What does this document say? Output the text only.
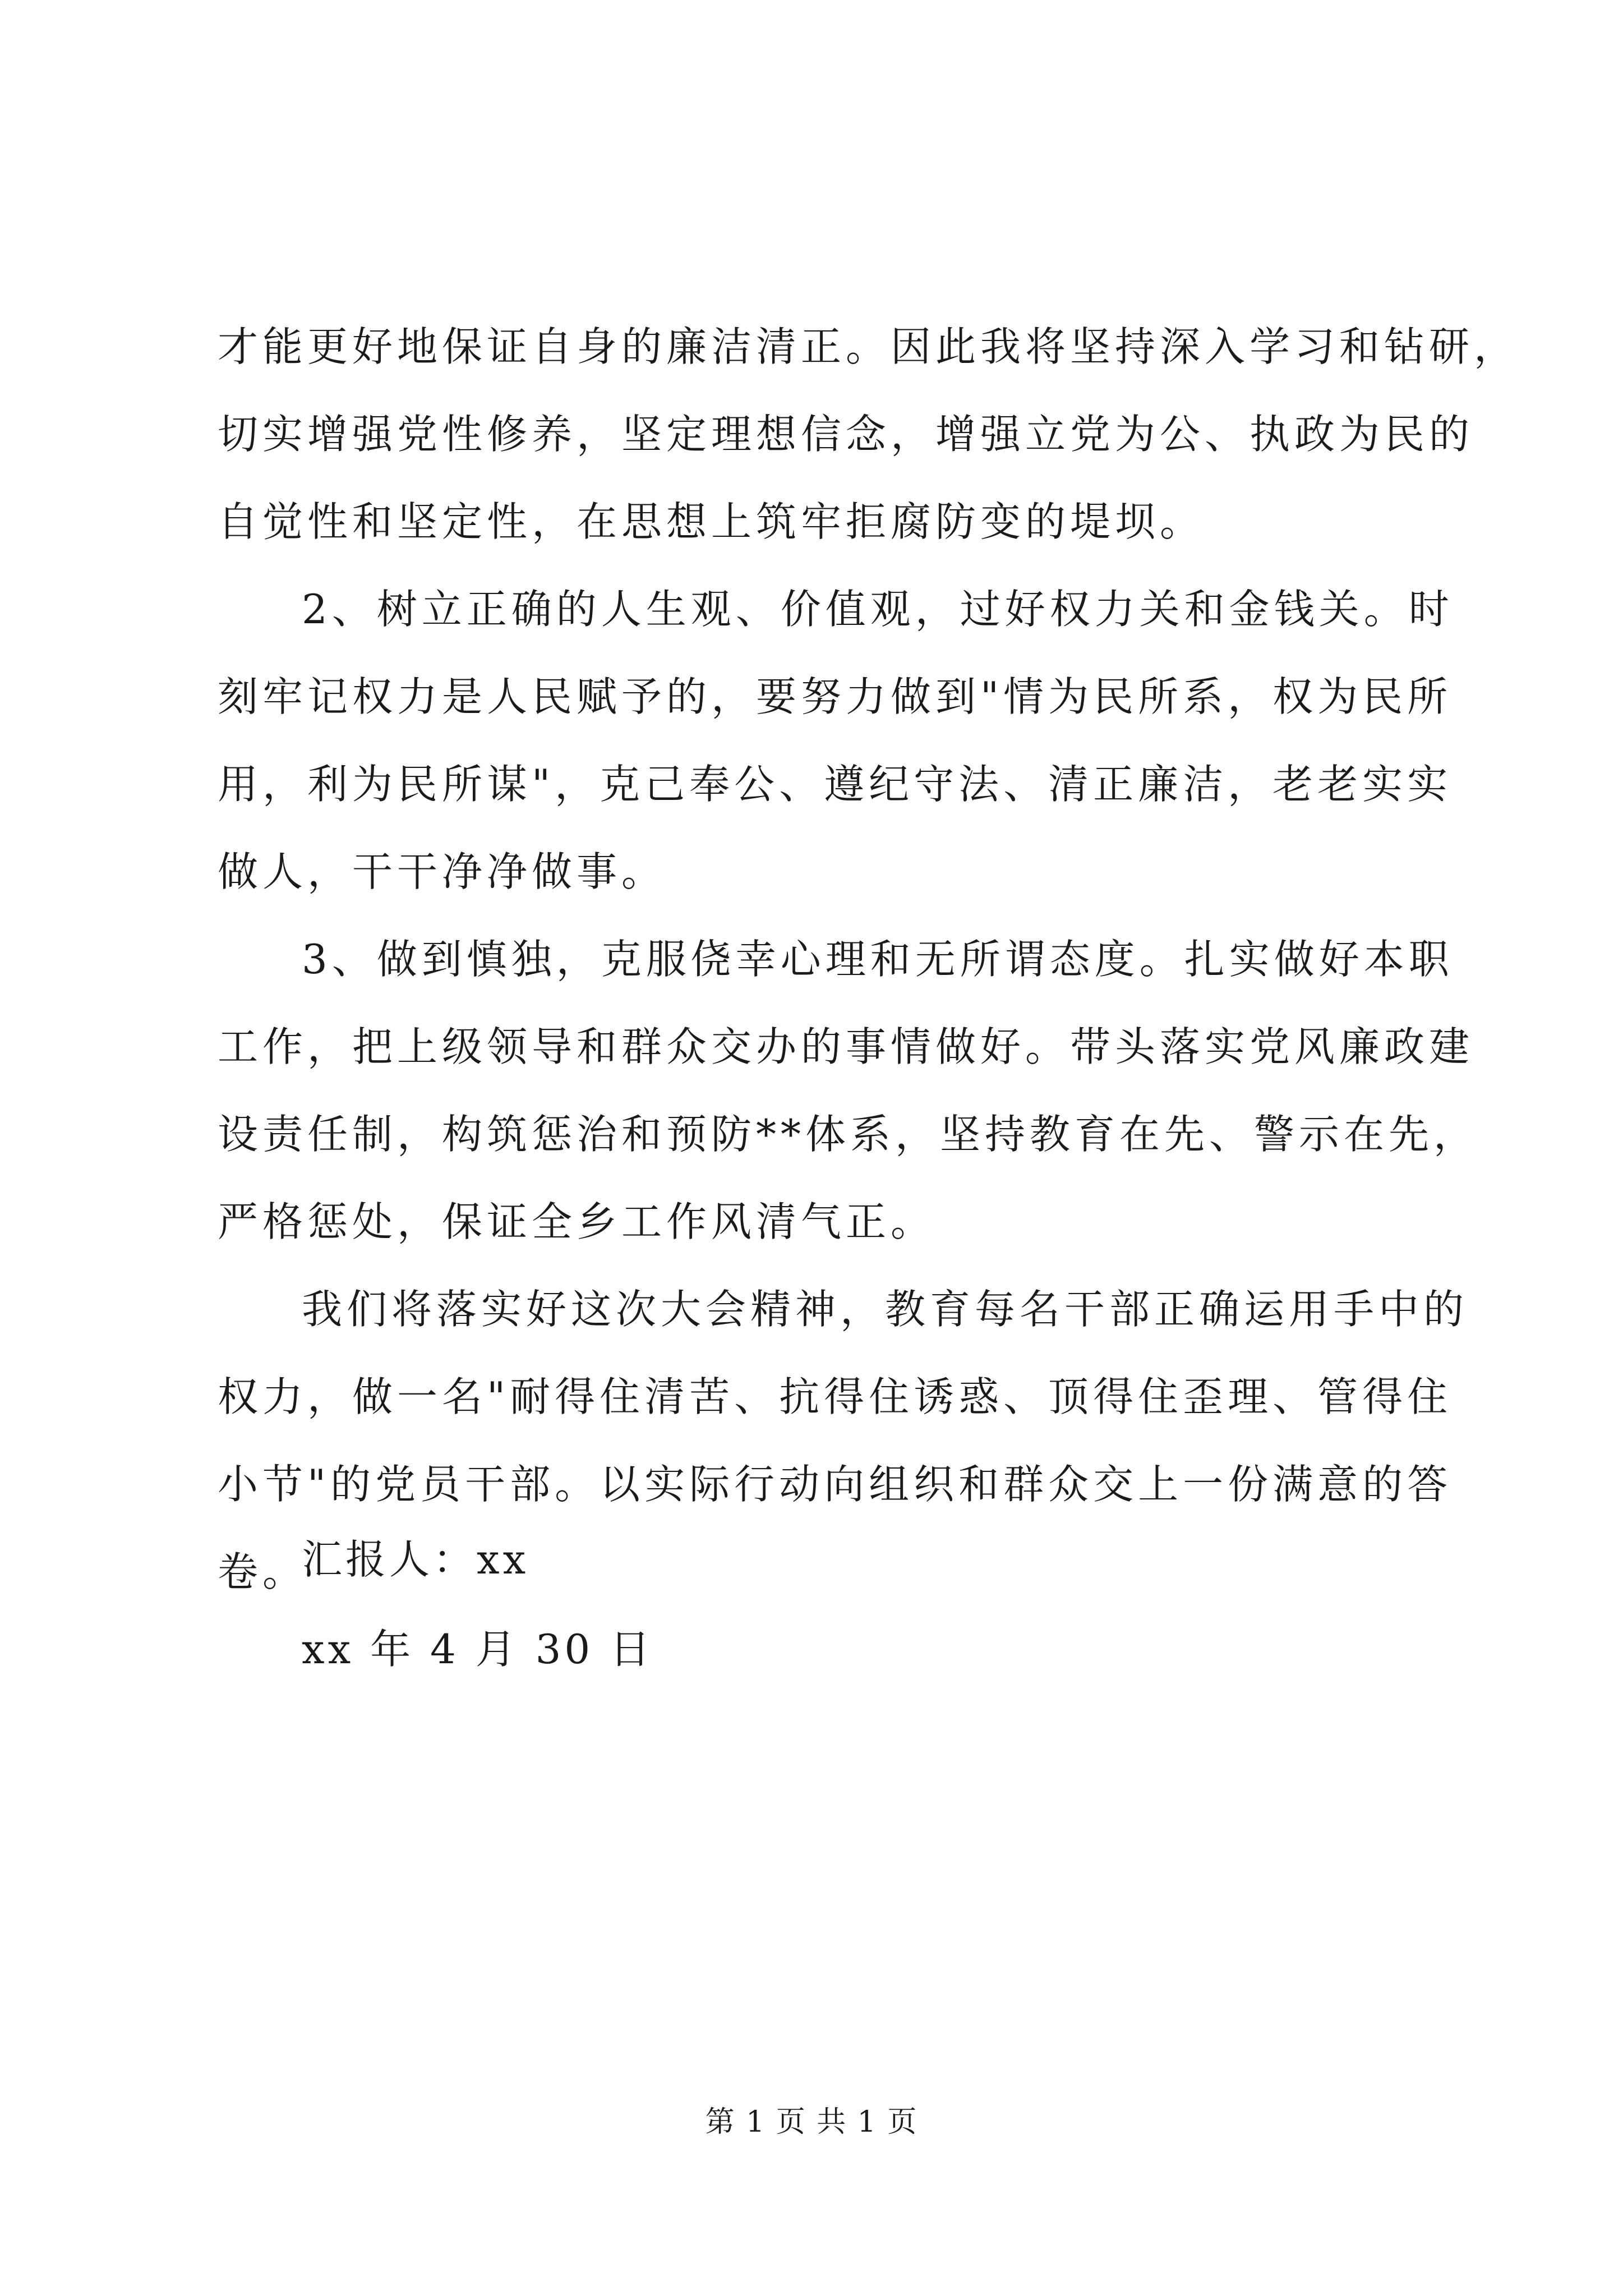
才能更好地保证自身的廉洁清正。因此我将坚持深入学习和钻研，
切实增强党性修养，坚定理想信念，增强立党为公、执政为民的
自觉性和坚定性，在思想上筑牢拒腐防变的堤坝。
2、树立正确的人生观、价值观，过好权力关和金钱关。时
刻牢记权力是人民赋予的，要努力做到"情为民所系，权为民所
用，利为民所谋"，克己奉公、遵纪守法、清正廉洁，老老实实
做人，干干净净做事。
3、做到慎独，克服侥幸心理和无所谓态度。扎实做好本职
工作，把上级领导和群众交办的事情做好。带头落实党风廉政建
设责任制，构筑惩治和预防**体系，坚持教育在先、警示在先，
严格惩处，保证全乡工作风清气正。
我们将落实好这次大会精神，教育每名干部正确运用手中的
权力，做一名"耐得住清苦、抗得住诱惑、顶得住歪理、管得住
小节"的党员干部。以实际行动向组织和群众交上一份满意的答
卷。
汇报人：xx
xx 年 4 月 30 日
第 1 页 共 1 页
